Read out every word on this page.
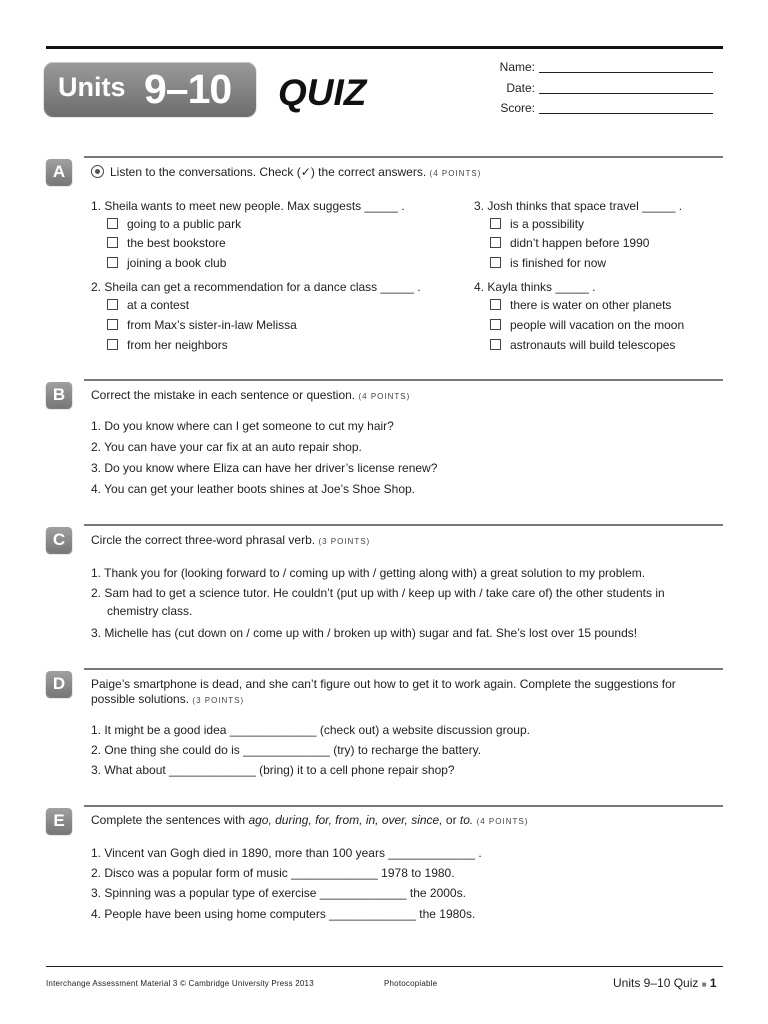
Units 9–10 QUIZ
Name:
Date:
Score:
A	Listen to the conversations. Check (✓) the correct answers. (4 POINTS)
1. Sheila wants to meet new people. Max suggests _____ .
going to a public park
the best bookstore
joining a book club
2. Sheila can get a recommendation for a dance class _____ .
at a contest
from Max’s sister-in-law Melissa
from her neighbors
3. Josh thinks that space travel _____ .
is a possibility
didn’t happen before 1990
is finished for now
4. Kayla thinks _____ .
there is water on other planets
people will vacation on the moon
astronauts will build telescopes
B	Correct the mistake in each sentence or question. (4 POINTS)
1. Do you know where can I get someone to cut my hair?
2. You can have your car fix at an auto repair shop.
3. Do you know where Eliza can have her driver’s license renew?
4. You can get your leather boots shines at Joe’s Shoe Shop.
C	Circle the correct three-word phrasal verb. (3 POINTS)
1. Thank you for (looking forward to / coming up with / getting along with) a great solution to my problem.
2. Sam had to get a science tutor. He couldn’t (put up with / keep up with / take care of) the other students in
chemistry class.
3. Michelle has (cut down on / come up with / broken up with) sugar and fat. She’s lost over 15 pounds!
D	Paige’s smartphone is dead, and she can’t figure out how to get it to work again. Complete the suggestions for
possible solutions. (3 POINTS)
1. It might be a good idea _____________ (check out) a website discussion group.
2. One thing she could do is _____________ (try) to recharge the battery.
3. What about _____________ (bring) it to a cell phone repair shop?
E	Complete the sentences with ago, during, for, from, in, over, since, or to. (4 POINTS)
1. Vincent van Gogh died in 1890, more than 100 years _____________ .
2. Disco was a popular form of music _____________ 1978 to 1980.
3. Spinning was a popular type of exercise _____________ the 2000s.
4. People have been using home computers _____________ the 1980s.
Interchange Assessment Material 3 © Cambridge University Press 2013	Photocopiable	Units 9–10 Quiz ■ 1
